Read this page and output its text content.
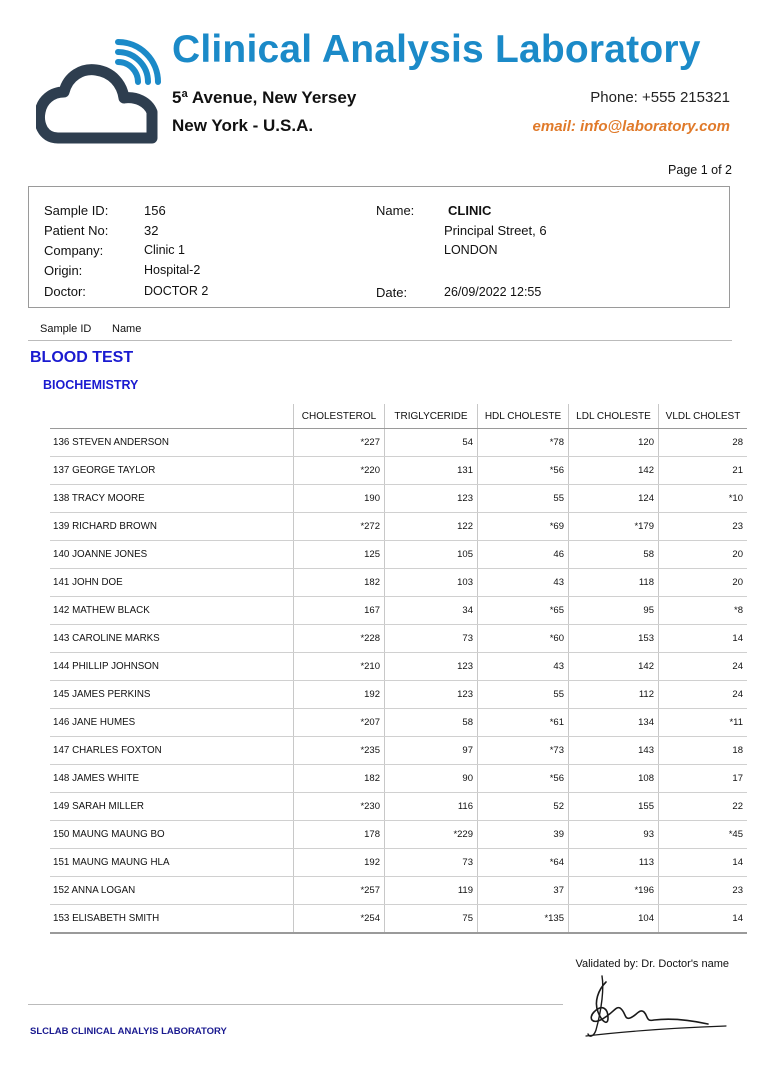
Clinical Analysis Laboratory
5ª Avenue, New Yersey
New York - U.S.A.
Phone: +555 215321
email: info@laboratory.com
Page 1 of 2
Sample ID:	156
Patient No:	32
Company:	Clinic 1
Origin:	Hospital-2
Doctor:	DOCTOR 2
Name:	CLINIC
Principal Street, 6
LONDON
Date:	26/09/2022 12:55
Sample ID Name
BLOOD TEST
BIOCHEMISTRY
	CHOLESTEROL	TRIGLYCERIDE	HDL CHOLESTE	LDL CHOLESTE	VLDL CHOLEST
136 STEVEN ANDERSON	*227	54	*78	120	28
137 GEORGE TAYLOR	*220	131	*56	142	21
138 TRACY MOORE	190	123	55	124	*10
139 RICHARD BROWN	*272	122	*69	*179	23
140 JOANNE JONES	125	105	46	58	20
141 JOHN DOE	182	103	43	118	20
142 MATHEW BLACK	167	34	*65	95	*8
143 CAROLINE MARKS	*228	73	*60	153	14
144 PHILLIP JOHNSON	*210	123	43	142	24
145 JAMES PERKINS	192	123	55	112	24
146 JANE HUMES	*207	58	*61	134	*11
147 CHARLES FOXTON	*235	97	*73	143	18
148 JAMES WHITE	182	90	*56	108	17
149 SARAH MILLER	*230	116	52	155	22
150 MAUNG MAUNG BO	178	*229	39	93	*45
151 MAUNG MAUNG HLA	192	73	*64	113	14
152 ANNA LOGAN	*257	119	37	*196	23
153 ELISABETH SMITH	*254	75	*135	104	14
Validated by: Dr. Doctor's name
SLCLAB CLINICAL ANALYIS LABORATORY
